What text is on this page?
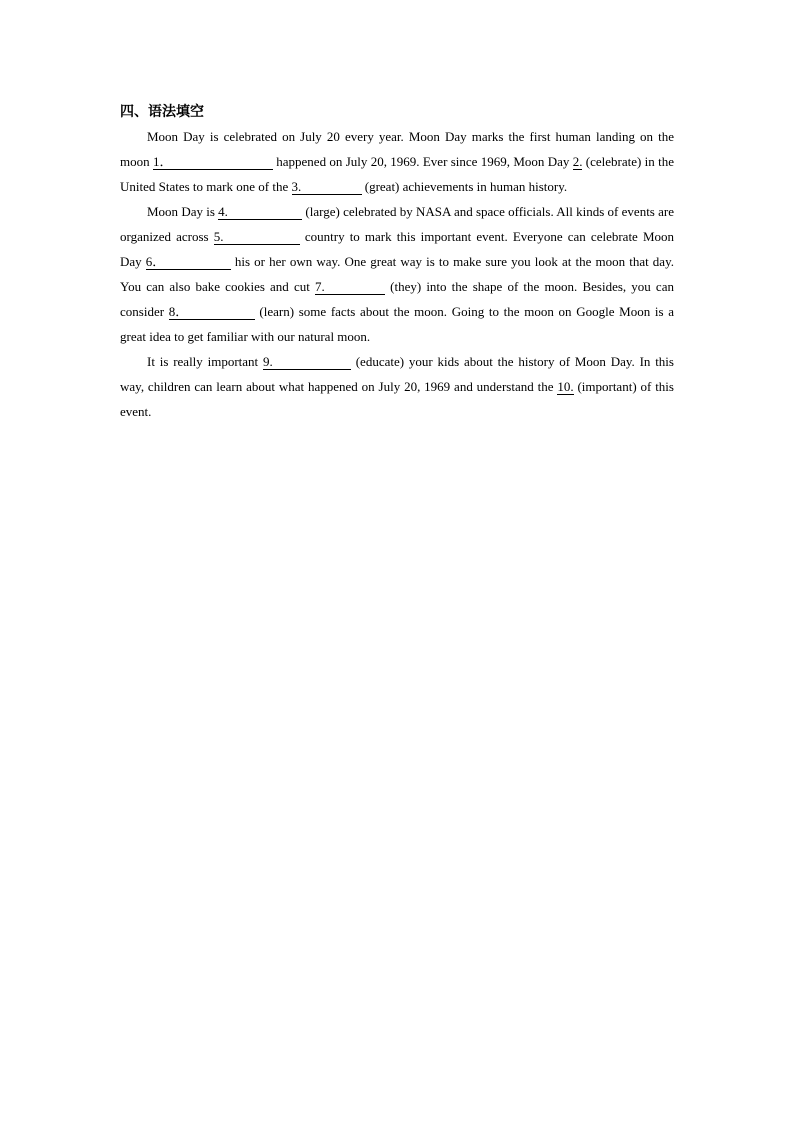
四、语法填空

Moon Day is celebrated on July 20 every year. Moon Day marks the first human landing on the moon 1．	happened on July 20, 1969. Ever since 1969, Moon Day 2. (celebrate) in the United States to mark one of the 3.	(great) achievements in human history.

Moon Day is 4.	(large) celebrated by NASA and space officials. All kinds of events are organized across 5.	country to mark this important event. Everyone can celebrate Moon Day 6．	his or her own way. One great way is to make sure you look at the moon that day. You can also bake cookies and cut 7.	(they) into the shape of the moon. Besides, you can consider 8．	(learn) some facts about the moon. Going to the moon on Google Moon is a great idea to get familiar with our natural moon.

It is really important 9.	(educate) your kids about the history of Moon Day. In this way, children can learn about what happened on July 20, 1969 and understand the 10. (important) of this event.
